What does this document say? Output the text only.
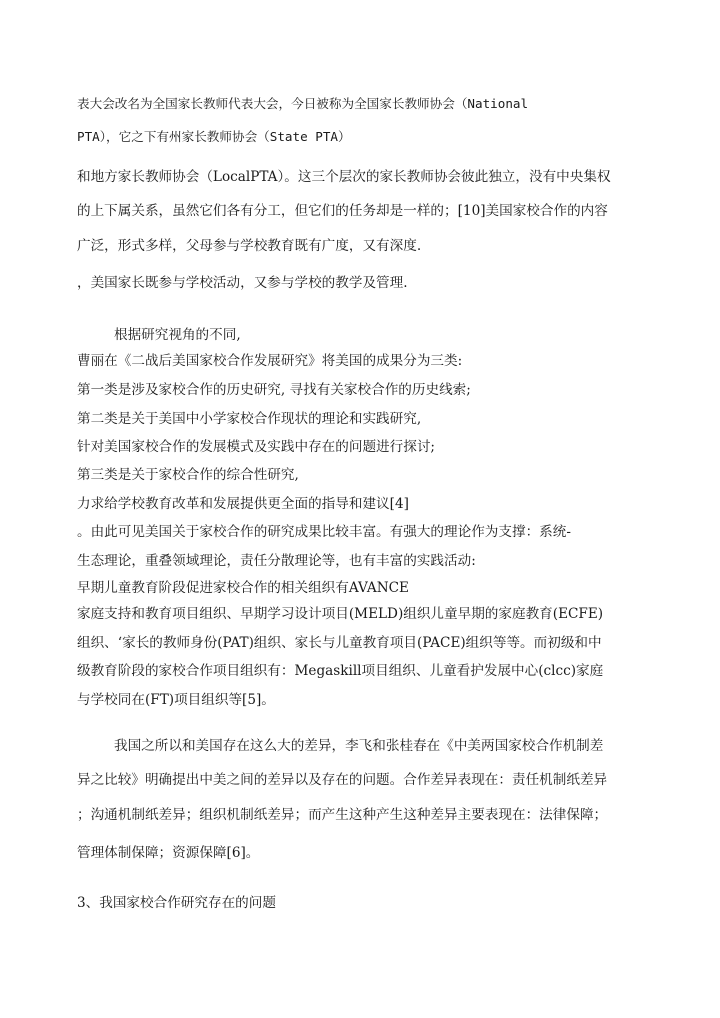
表大会改名为全国家长教师代表大会，今日被称为全国家长教师协会（National
PTA），它之下有州家长教师协会（State PTA）
和地方家长教师协会（LocalPTA）。这三个层次的家长教师协会彼此独立，没有中央集权
的上下属关系，虽然它们各有分工，但它们的任务却是一样的；[10]美国家校合作的内容
广泛，形式多样，父母参与学校教育既有广度，又有深度.
，美国家长既参与学校活动，又参与学校的教学及管理.
根据研究视角的不同,
曹丽在《二战后美国家校合作发展研究》将美国的成果分为三类:
第一类是涉及家校合作的历史研究, 寻找有关家校合作的历史线索;
第二类是关于美国中小学家校合作现状的理论和实践研究,
针对美国家校合作的发展模式及实践中存在的问题进行探讨;
第三类是关于家校合作的综合性研究,
力求给学校教育改革和发展提供更全面的指导和建议[4]
。由此可见美国关于家校合作的研究成果比较丰富。有强大的理论作为支撑：系统-
生态理论，重叠领域理论，责任分散理论等，也有丰富的实践活动:
早期儿童教育阶段促进家校合作的相关组织有AVANCE
家庭支持和教育项目组织、早期学习设计项目(MELD)组织儿童早期的家庭教育(ECFE)
组织、‘家长的教师身份(PAT)组织、家长与儿童教育项目(PACE)组织等等。而初级和中
级教育阶段的家校合作项目组织有：Megaskill项目组织、儿童看护发展中心(clcc)家庭
与学校同在(FT)项目组织等[5]。
我国之所以和美国存在这么大的差异，李飞和张桂春在《中美两国家校合作机制差
异之比较》明确提出中美之间的差异以及存在的问题。合作差异表现在：责任机制纸差异
；沟通机制纸差异；组织机制纸差异；而产生这种产生这种差异主要表现在：法律保障；
管理体制保障；资源保障[6]。
3、我国家校合作研究存在的问题
